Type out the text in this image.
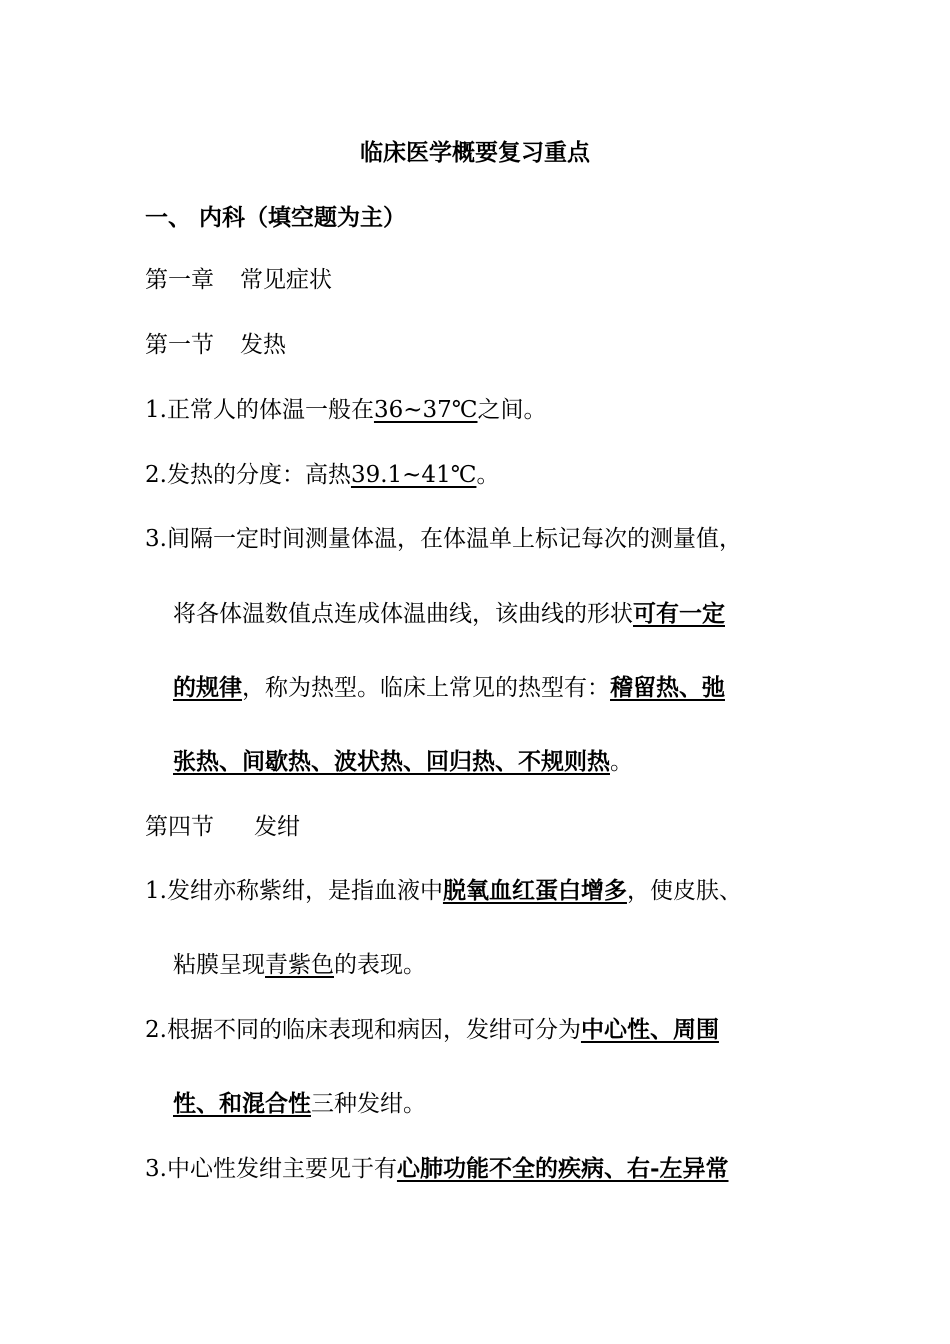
临床医学概要复习重点
一、 内科（填空题为主）
第一章 常见症状
第一节 发热
1.正常人的体温一般在36~37℃之间。
2.发热的分度：高热39.1~41℃。
3.间隔一定时间测量体温，在体温单上标记每次的测量值，
将各体温数值点连成体温曲线，该曲线的形状可有一定
的规律，称为热型。临床上常见的热型有：稽留热、弛
张热、间歇热、波状热、回归热、不规则热。
第四节 发绀
1.发绀亦称紫绀，是指血液中脱氧血红蛋白增多，使皮肤、
粘膜呈现青紫色的表现。
2.根据不同的临床表现和病因，发绀可分为中心性、周围
性、和混合性三种发绀。
3.中心性发绀主要见于有心肺功能不全的疾病、右-左异常
